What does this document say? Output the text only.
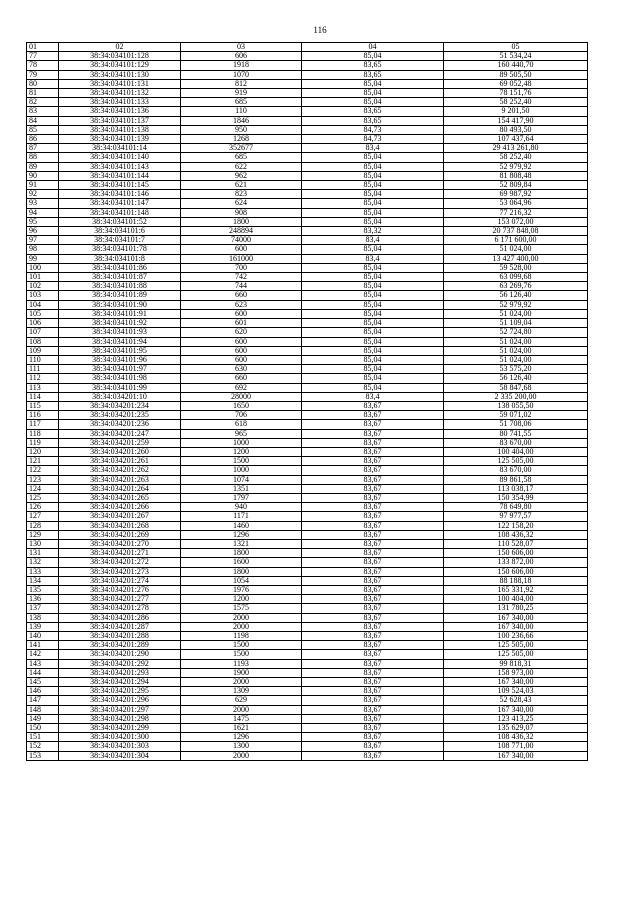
116
01	02	03	04	05
77	38:34:034101:128	606	85,04	51 534,24
78	38:34:034101:129	1918	83,65	160 440,70
79	38:34:034101:130	1070	83,65	89 505,50
80	38:34:034101:131	812	85,04	69 052,48
81	38:34:034101:132	919	85,04	78 151,76
82	38:34:034101:133	685	85,04	58 252,40
83	38:34:034101:136	110	83,65	9 201,50
84	38:34:034101:137	1846	83,65	154 417,90
85	38:34:034101:138	950	84,73	80 493,50
86	38:34:034101:139	1268	84,73	107 437,64
87	38:34:034101:14	352677	83,4	29 413 261,80
88	38:34:034101:140	685	85,04	58 252,40
89	38:34:034101:143	622	85,04	52 979,92
90	38:34:034101:144	962	85,04	81 808,48
91	38:34:034101:145	621	85,04	52 809,84
92	38:34:034101:146	823	85,04	69 987,92
93	38:34:034101:147	624	85,04	53 064,96
94	38:34:034101:148	908	85,04	77 216,32
95	38:34:034101:52	1800	85,04	153 072,00
96	38:34:034101:6	248894	83,32	20 737 848,08
97	38:34:034101:7	74000	83,4	6 171 600,00
98	38:34:034101:78	600	85,04	51 024,00
99	38:34:034101:8	161000	83,4	13 427 400,00
100	38:34:034101:86	700	85,04	59 528,00
101	38:34:034101:87	742	85,04	63 099,68
102	38:34:034101:88	744	85,04	63 269,76
103	38:34:034101:89	660	85,04	56 126,40
104	38:34:034101:90	623	85,04	52 979,92
105	38:34:034101:91	600	85,04	51 024,00
106	38:34:034101:92	601	85,04	51 109,04
107	38:34:034101:93	620	85,04	52 724,80
108	38:34:034101:94	600	85,04	51 024,00
109	38:34:034101:95	600	85,04	51 024,00
110	38:34:034101:96	600	85,04	51 024,00
111	38:34:034101:97	630	85,04	53 575,20
112	38:34:034101:98	660	85,04	56 126,40
113	38:34:034101:99	692	85,04	58 847,68
114	38:34:034201:10	28000	83,4	2 335 200,00
115	38:34:034201:234	1650	83,67	138 055,50
116	38:34:034201:235	706	83,67	59 071,02
117	38:34:034201:236	618	83,67	51 708,06
118	38:34:034201:247	965	83,67	80 741,55
119	38:34:034201:259	1000	83,67	83 670,00
120	38:34:034201:260	1200	83,67	100 404,00
121	38:34:034201:261	1500	83,67	125 505,00
122	38:34:034201:262	1000	83,67	83 670,00
123	38:34:034201:263	1074	83,67	89 861,58
124	38:34:034201:264	1351	83,67	113 038,17
125	38:34:034201:265	1797	83,67	150 354,99
126	38:34:034201:266	940	83,67	78 649,80
127	38:34:034201:267	1171	83,67	97 977,57
128	38:34:034201:268	1460	83,67	122 158,20
129	38:34:034201:269	1296	83,67	108 436,32
130	38:34:034201:270	1321	83,67	110 528,07
131	38:34:034201:271	1800	83,67	150 606,00
132	38:34:034201:272	1600	83,67	133 872,00
133	38:34:034201:273	1800	83,67	150 606,00
134	38:34:034201:274	1054	83,67	88 188,18
135	38:34:034201:276	1976	83,67	165 331,92
136	38:34:034201:277	1200	83,67	100 404,00
137	38:34:034201:278	1575	83,67	131 780,25
138	38:34:034201:286	2000	83,67	167 340,00
139	38:34:034201:287	2000	83,67	167 340,00
140	38:34:034201:288	1198	83,67	100 236,66
141	38:34:034201:289	1500	83,67	125 505,00
142	38:34:034201:290	1500	83,67	125 505,00
143	38:34:034201:292	1193	83,67	99 818,31
144	38:34:034201:293	1900	83,67	158 973,00
145	38:34:034201:294	2000	83,67	167 340,00
146	38:34:034201:295	1309	83,67	109 524,03
147	38:34:034201:296	629	83,67	52 628,43
148	38:34:034201:297	2000	83,67	167 340,00
149	38:34:034201:298	1475	83,67	123 413,25
150	38:34:034201:299	1621	83,67	135 629,07
151	38:34:034201:300	1296	83,67	108 436,32
152	38:34:034201:303	1300	83,67	108 771,00
153	38:34:034201:304	2000	83,67	167 340,00
